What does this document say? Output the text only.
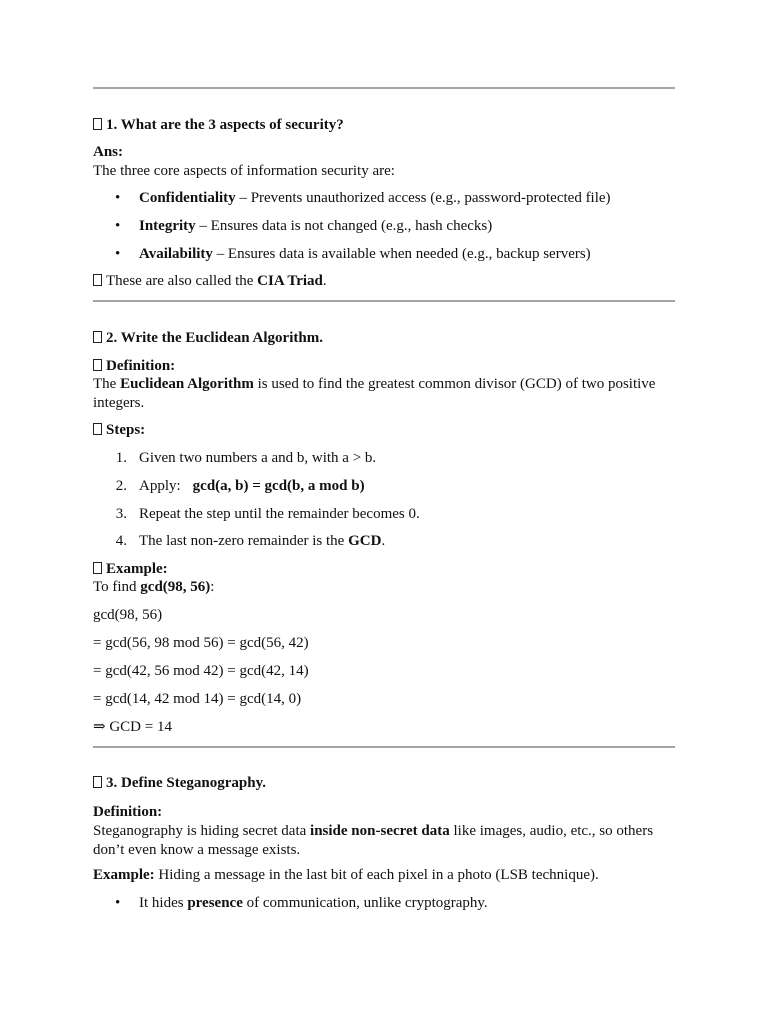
1. What are the 3 aspects of security?

Ans:
The three core aspects of information security are:

• Confidentiality – Prevents unauthorized access (e.g., password-protected file)

• Integrity – Ensures data is not changed (e.g., hash checks)

• Availability – Ensures data is available when needed (e.g., backup servers)

These are also called the CIA Triad.

2. Write the Euclidean Algorithm.

Definition:

The Euclidean Algorithm is used to find the greatest common divisor (GCD) of two positive integers.

Steps:

1. Given two numbers a and b, with a > b.

2. Apply: gcd(a, b) = gcd(b, a mod b)

3. Repeat the step until the remainder becomes 0.

4. The last non-zero remainder is the GCD.

Example:

To find gcd(98, 56):

gcd(98, 56)

= gcd(56, 98 mod 56) = gcd(56, 42)

= gcd(42, 56 mod 42) = gcd(42, 14)

= gcd(14, 42 mod 14) = gcd(14, 0)

⇒ GCD = 14

3. Define Steganography.

Definition:
Steganography is hiding secret data inside non-secret data like images, audio, etc., so others don’t even know a message exists.

Example: Hiding a message in the last bit of each pixel in a photo (LSB technique).

• It hides presence of communication, unlike cryptography.
